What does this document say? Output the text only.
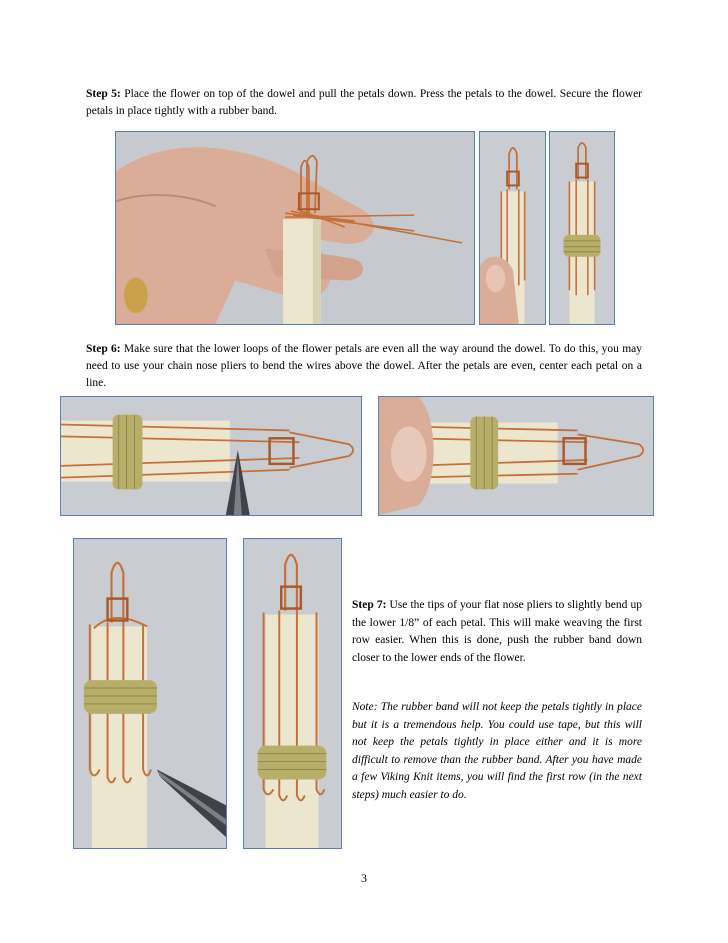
Step 5: Place the flower on top of the dowel and pull the petals down. Press the petals to the dowel. Secure the flower petals in place tightly with a rubber band.
Step 6: Make sure that the lower loops of the flower petals are even all the way around the dowel. To do this, you may need to use your chain nose pliers to bend the wires above the dowel. After the petals are even, center each petal on a line.
Step 7: Use the tips of your flat nose pliers to slightly bend up the lower 1/8” of each petal. This will make weaving the first row easier. When this is done, push the rubber band down closer to the lower ends of the flower.
Note: The rubber band will not keep the petals tightly in place but it is a tremendous help. You could use tape, but this will not keep the petals tightly in place either and it is more difficult to remove than the rubber band. After you have made a few Viking Knit items, you will find the first row (in the next steps) much easier to do.
3
